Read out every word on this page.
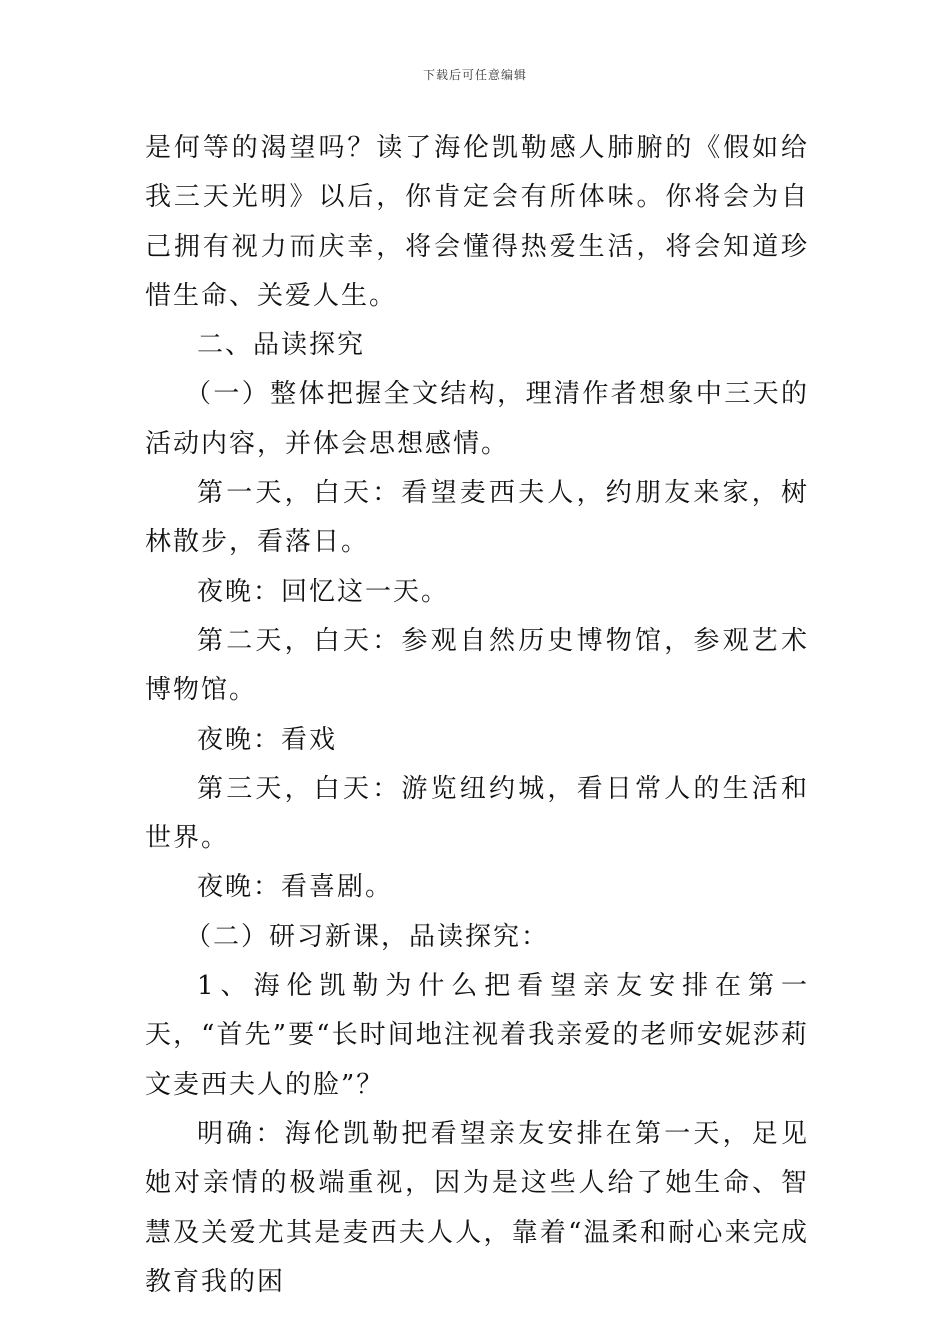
下载后可任意编辑

是何等的渴望吗？读了海伦凯勒感人肺腑的《假如给我三天光明》以后，你肯定会有所体味。你将会为自己拥有视力而庆幸，将会懂得热爱生活，将会知道珍惜生命、关爱人生。

二、品读探究

（一）整体把握全文结构，理清作者想象中三天的活动内容，并体会思想感情。

第一天，白天：看望麦西夫人，约朋友来家，树林散步，看落日。

夜晚：回忆这一天。

第二天，白天：参观自然历史博物馆，参观艺术博物馆。

夜晚：看戏

第三天，白天：游览纽约城，看日常人的生活和世界。

夜晚：看喜剧。

（二）研习新课，品读探究：

1、海伦凯勒为什么把看望亲友安排在第一天，“首先”要“长时间地注视着我亲爱的老师安妮莎莉文麦西夫人的脸”？

明确：海伦凯勒把看望亲友安排在第一天，足见她对亲情的极端重视，因为是这些人给了她生命、智慧及关爱尤其是麦西夫人人，靠着“温柔和耐心来完成教育我的困
